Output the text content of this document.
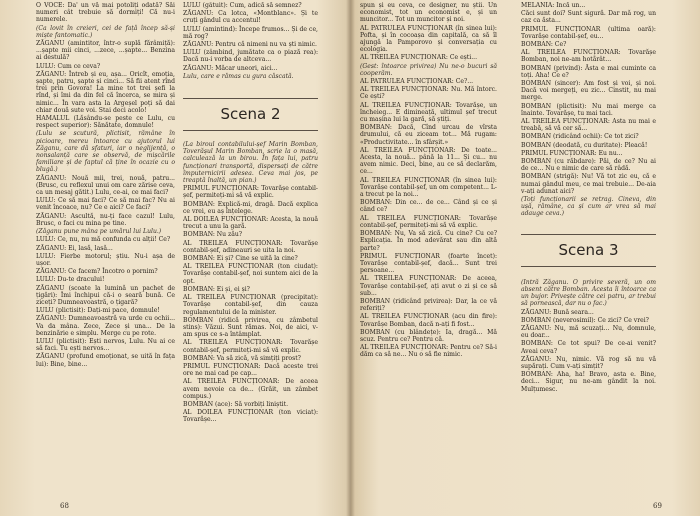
O VOCE: Da' un vă mai potoliți odată? Săi numeri cât trebuie să dormiți! Că nu-i numerele.

(Ca lovit în creieri, cei de față încep să-și miște fantomatic.)

ZĂGANU (amintitor, într-o suplă fărâmiță): ...șapte mii cinci, ...zece, ...șapte... Benzina ai destulă?

LULU: Cum ce ceva?

ZĂGANU: Întreb și eu, așa... Oricît, emoția, șapte, patru, șapte și cinci... Să fii atent rînd trei prin Govora! La mine tot trei șefi la rînd, și îmi da din fel că încerca, se mira și nimic... În vara asta la Argeșel poți să dai chiar două sute voi. Stai deci acolo!

HAMALUL (Lăsându-se peste ce Lulu, cu respect superior): Sănătate, domnule!

(Lulu se scutură, plictisit, rămâne în picioare, mereu întoarce cu ajutorul lui Zăganu, care dă sfaturi, iar o neglijență, o nonsalanță care se observă, de mișcările familiare și de faptul că ține în ocazie cu o blugă.)

ZĂGANU: Nouă mii, trei, nouă, patru... (Brusc, cu reflexul unui om care zărise ceva, ca un mesaj gătit.) Lulu, ce-ai, ce mai faci?

LULU: Ce să mai faci? Ce să mai fac? Nu ai venit încoace, nu? Ce e aici? Ce faci?

ZĂGANU: Ascultă, nu-ți face cazul! Lulu, Brusc, o faci cu mina pe tine.

(Zăganu pune mâna pe umărul lui Lulu.)

LULU: Ce, nu, nu mă confunda cu alții! Ce?

ZĂGANU: Ei, lasă, lasă...

LULU: Fierbe motorul; știu. Nu-i așa de ușor.

ZĂGANU: Ce facem? Încotro o pornim?

LULU: Du-te dracului!

ZĂGANU (scoate la lumină un pachet de țigări): Îmi închipui că-i o seară bună. Ce ziceți? Dumneavoastră, o țigară?

LULU (plictisit): Dați-mi pace, domnule!

ZĂGANU: Dumneavoastră va urde cu ochii... Va da mâna. Zece, Zece și una... De la benzinărie e simplu. Merge cu pe rote.

LULU (plictisit): Ești nervos, Lulu. Nu ai ce să faci. Tu ești nervos...

ZĂGANU (profund emoționat, se uită în fața lui): Bine, bine...

LULU (gâtuit): Cum, adică să semnez?

ZĂGANU: Ca lotca, «Montblanc». Și te cruți gândul cu accentul!

LULU (amintind): Începe frumos... Și de ce, mă rog?

ZĂGANU: Pentru că nimeni nu va ști nimic.

LULU (zâmbind, jumătate ca o piază rea): Dacă nu-i vorba de altceva...

ZĂGANU: Măcar uneori, aici...

Lulu, care e rămas cu gura căscată.

Scena 2

(La biroul contabilului-șef Marin Bomban, Toverășul Marin Bomban, scrie la o masă, calculează la un birou. În fața lui, patru funcționari transportă, dispersați de către împuternicirii adesea. Ceva mai jos, pe treaptă înaltă, un pian.)

PRIMUL FUNCȚIONAR: Tovarășe contabil-șef, permiteți-mi să vă explic.

BOMBAN: Explică-mi, dragă. Dacă explica ce vrei, eu aș înțelege.

AL DOILEA FUNCȚIONAR: Acesta, la nouă trecut a unu la gară.

BOMBAN: Nu zău?

AL TREILEA FUNCȚIONAR: Tovarășe contabil-șef, adineauri se uita la noi.

BOMBAN: Ei și? Cine se uită la cine?

AL TREILEA FUNCȚIONAR (ton ciudat): Tovarășe contabil-șef, noi suntem aici de la opt.

BOMBAN: Ei și, ei și?

AL TREILEA FUNCȚIONAR (precipitat): Tovarășe contabil-șef, din cauza regulamentului de la minister.

BOMBAN (ridică privirea, cu zâmbetul stins): Văzui. Sunt rămas. Noi, de aici, v-am spus ce s-a întâmplat.

AL TREILEA FUNCȚIONAR: Tovarășe contabil-șef, permiteți-mi să vă explic.

BOMBAN: Va să zică, vă simțiți prost?

PRIMUL FUNCȚIONAR: Dacă aceste trei ore ne mai cad pe cap...

AL TREILEA FUNCȚIONAR: De aceea avem nevoie ca de... (Grăit, un zâmbet compus.)

BOMBAN (ace): Să vorbiți liniștit.

AL DOILEA FUNCȚIONAR (ton viciat): Tovarășe...

68

spun și eu ceva, ce designer, nu știi. Un economist, tot un economist e, și un muncitor... Tot un muncitor și noi.

AL PATRULEA FUNCȚIONAR (în sinea lui): Pofta, și în cocoașa din capitală, ca să îl ajungă la Pamporovo și conversația cu ecologia.

AL TREILEA FUNCȚIONAR: Ce ești...

(Gest: întoarce privirea) Nu ne-o bucuri să cooperăm.

AL PATRULEA FUNCȚIONAR: Ce?...

AL TREILEA FUNCȚIONAR: Nu. Mă întorc. Ce ești?

AL TREILEA FUNCȚIONAR: Tovarășe, un încheieg... E dimineață, ultimul șef trecut cu mașina lui la gară, să știți.

BOMBAN: Dacă, Cînd urcau de vîrsta drumului, că eu ziceam tot... Mă rugam: «Productivitate... în sfârșit.»

AL TREILEA FUNCȚIONAR: De toate... Acesta, la nouă... până la 11... Și cu... nu avem nimic. Deci, bine, au ce să declarăm, ce...

AL TREILEA FUNCȚIONAR (în sinea lui): Tovarășe contabil-șef, un om competent... L-a trecut pe la noi...

BOMBAN: Din ce... de ce... Când și ce și când ce?

AL TREILEA FUNCȚIONAR: Tovarășe contabil-șef, permiteți-mi să vă explic.

BOMBAN: Nu, Va să zică. Cu cine? Cu ce? Explicația. În mod adevărat sau din altă parte?

PRIMUL FUNCȚIONAR (foarte încet): Tovarășe contabil-șef, dacă... Sunt trei persoane...

AL TREILEA FUNCȚIONAR: De aceea, Tovarășe contabil-șef, ați avut o zi și ce să sub...

BOMBAN (ridicând privirea): Dar, la ce vă referiți?

AL TREILEA FUNCȚIONAR (acu din fire): Tovarășe Bomban, dacă n-ați fi fost...

BOMBAN (cu blândețe): Ia, dragă... Mă scuz. Pentru ce? Pentru că.

AL TREILEA FUNCȚIONAR: Pentru ce? Să-i dăm ca să ne... Nu o să fie nimic.

MELANIA: Încă un...

Căci sunt doi? Sunt sigură. Dar mă rog, un caz ca ăsta...

PRIMUL FUNCȚIONAR (ultima oară): Tovarășe contabil-șef, eu...

BOMBAN: Ce?

AL TREILEA FUNCȚIONAR: Tovarășe Bomban, noi ne-am hotărât...

BOMBAN (privind): Ăsta e mai cuminte ca toți. Aha! Ce e?

BOMBAN (sincer): Am fost și voi, și noi. Dacă voi mergeți, eu zic... Cinstit, nu mai merge.

BOMBAN (plictisit): Nu mai merge ca înainte. Tovarășe, tu mai taci.

AL TREILEA FUNCȚIONAR: Asta nu mai e treabă, să vă cer să...

BOMBAN (ridicând ochii): Ce tot zici?

BOMBAN (deodată, cu duritate): Pleacă!

PRIMUL FUNCȚIONAR: Eu nu...

BOMBAN (cu răbdare): Păi, de ce? Nu ai de ce... Nu e nimic de care să râdă.

BOMBAN (strigă): Nu! Vă tot zic eu, că e numai gândul meu, ce mai trebuie... De-aia v-ați adunat aici?

(Toți funcționarii se retrag. Cineva, din ușă, rămâne, ca și cum ar vrea să mai adauge ceva.)

Scena 3

(Intră Zăganu. O privire severă, un om absent către Bomban. Acesta îi întoarce ca un bujor. Privește către cei patru, ar trebui să pornească, dar nu o fac.)

ZĂGANU: Bună seara...

BOMBAN (neverosimil): Ce zici? Ce vrei?

ZĂGANU: Nu, mă scuzați... Nu, domnule, eu doar...

BOMBAN: Ce tot spui? De ce-ai venit? Aveai ceva?

ZĂGANU: Nu, nimic. Vă rog să nu vă supărați. Cum v-ați simțit?

BOMBAN: Aha, ha! Bravo, asta e. Bine, deci... Sigur, nu ne-am gândit la noi. Mulțumesc.

69
